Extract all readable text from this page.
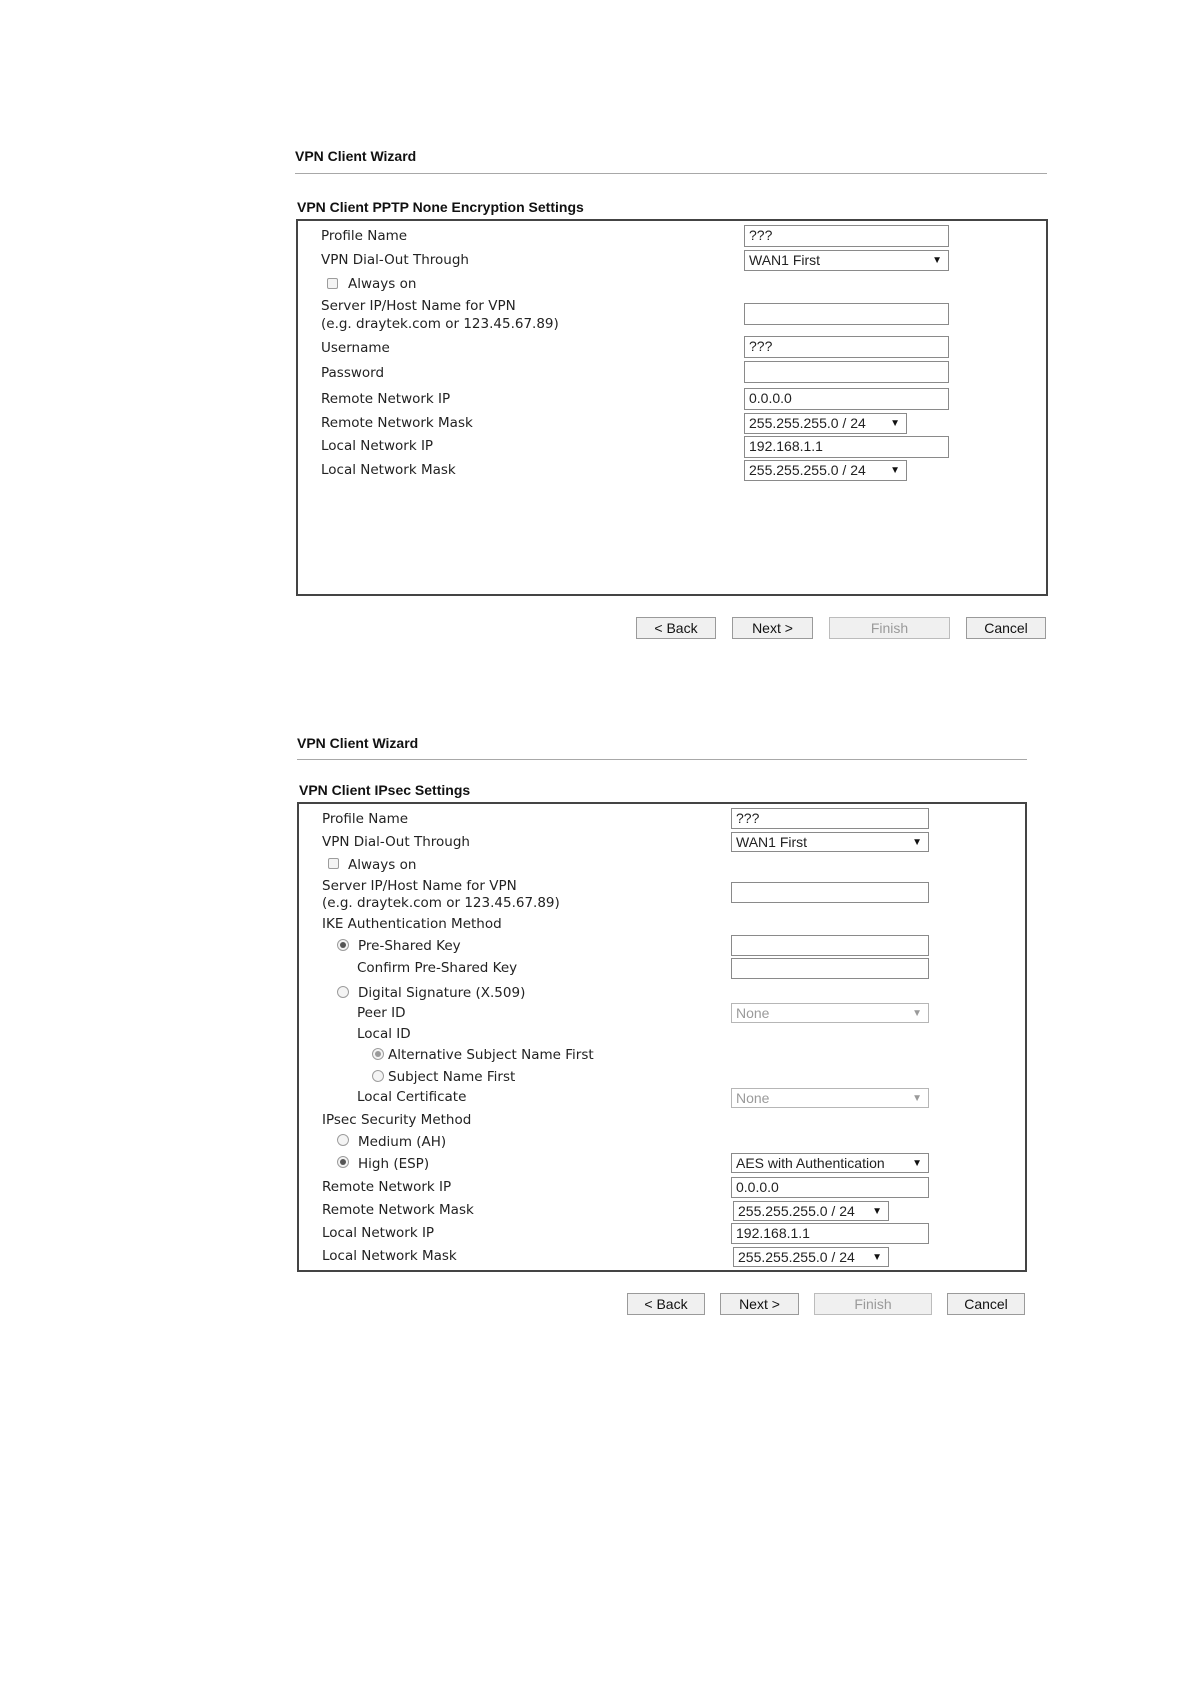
VPN Client Wizard
VPN Client PPTP None Encryption Settings
Profile Name	???
VPN Dial-Out Through	WAN1 First	▼
Always on
Server IP/Host Name for VPN
(e.g. draytek.com or 123.45.67.89)
Username	???
Password
Remote Network IP	0.0.0.0
Remote Network Mask	255.255.255.0 / 24 ▼
Local Network IP	192.168.1.1
Local Network Mask	255.255.255.0 / 24 ▼
< Back	Next >	Finish	Cancel
VPN Client Wizard
VPN Client IPsec Settings
Profile Name	???
VPN Dial-Out Through	WAN1 First	▼
Always on
Server IP/Host Name for VPN
(e.g. draytek.com or 123.45.67.89)
IKE Authentication Method
Pre-Shared Key
Confirm Pre-Shared Key
Digital Signature (X.509)
Peer ID	None	▼
Local ID
Alternative Subject Name First
Subject Name First
Local Certificate	None	▼
IPsec Security Method
Medium (AH)
High (ESP)	AES with Authentication	▼
Remote Network IP	0.0.0.0
Remote Network Mask	255.255.255.0 / 24 ▼
Local Network IP	192.168.1.1
Local Network Mask	255.255.255.0 / 24 ▼
< Back	Next >	Finish	Cancel
